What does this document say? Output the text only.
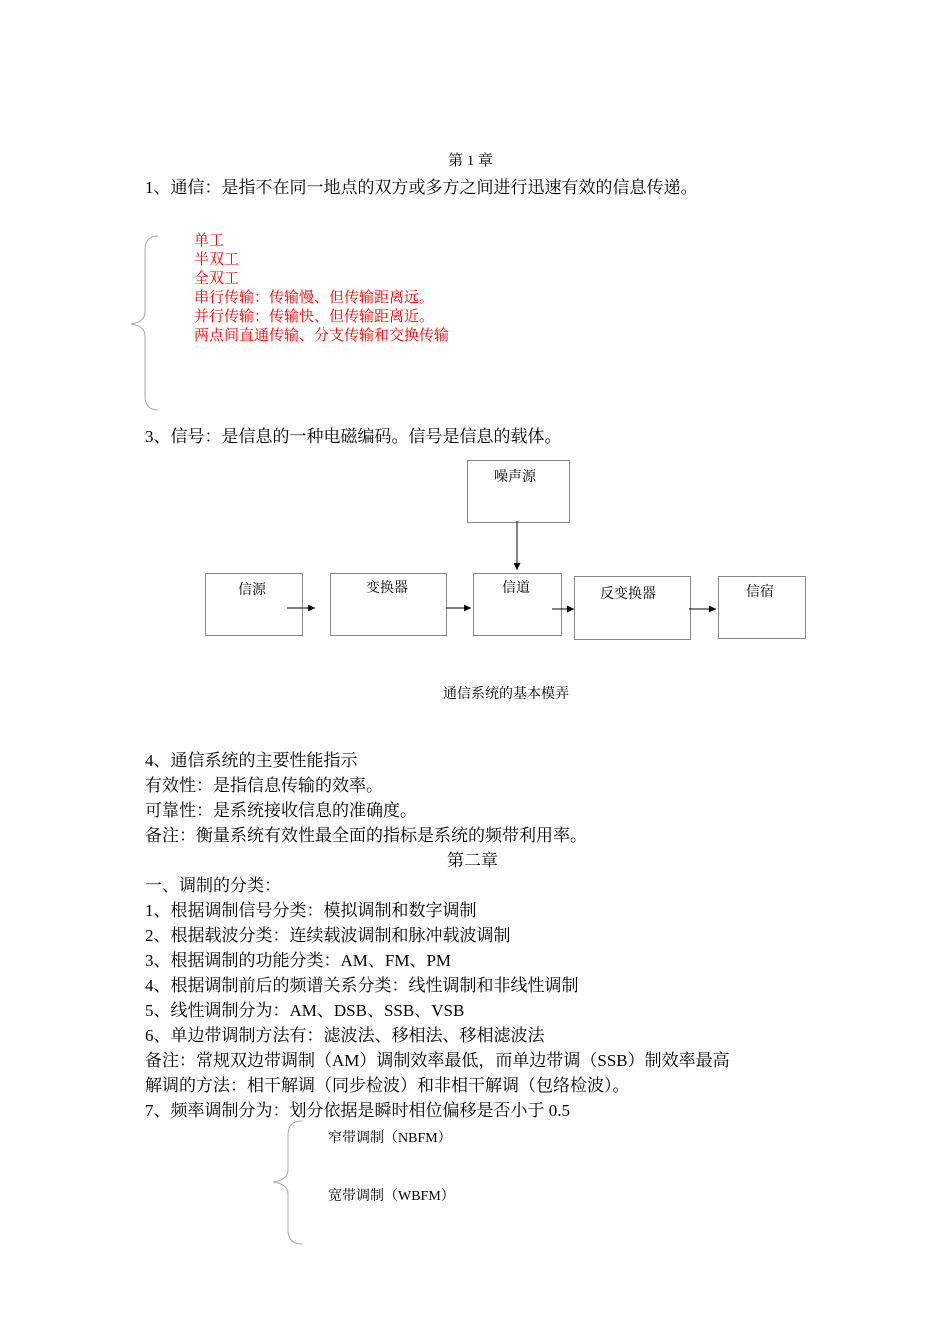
第 1 章
1、通信：是指不在同一地点的双方或多方之间进行迅速有效的信息传递。
单工
半双工
全双工
串行传输：传输慢、但传输距离远。
并行传输：传输快、但传输距离近。
两点间直通传输、分支传输和交换传输
3、信号：是信息的一种电磁编码。信号是信息的载体。
噪声源
信源	变换器	信道	反变换器	信宿
通信系统的基本模弄
4、通信系统的主要性能指示
有效性：是指信息传输的效率。
可靠性：是系统接收信息的准确度。
备注：衡量系统有效性最全面的指标是系统的频带利用率。
第二章
一、调制的分类：
1、根据调制信号分类：模拟调制和数字调制
2、根据载波分类：连续载波调制和脉冲载波调制
3、根据调制的功能分类：AM、FM、PM
4、根据调制前后的频谱关系分类：线性调制和非线性调制
5、线性调制分为：AM、DSB、SSB、VSB
6、单边带调制方法有：滤波法、移相法、移相滤波法
备注：常规双边带调制（AM）调制效率最低，而单边带调（SSB）制效率最高
解调的方法：相干解调（同步检波）和非相干解调（包络检波）。
7、频率调制分为：划分依据是瞬时相位偏移是否小于 0.5
窄带调制（NBFM）
宽带调制（WBFM）
